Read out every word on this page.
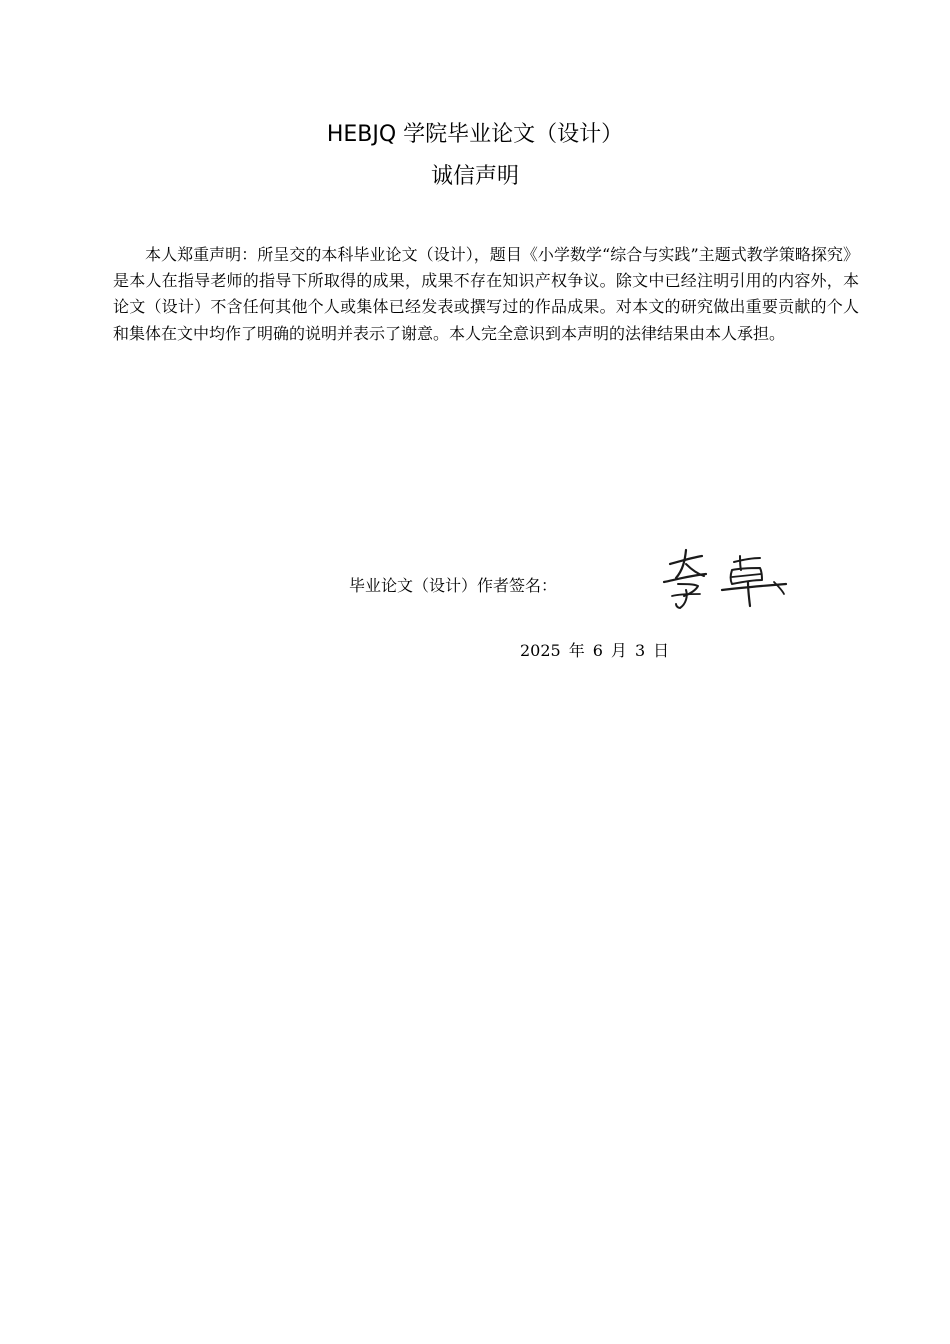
HEBJQ 学院毕业论文（设计）
诚信声明

本人郑重声明：所呈交的本科毕业论文（设计），题目《小学数学“综合与实践”主题式教学策略探究》是本人在指导老师的指导下所取得的成果，成果不存在知识产权争议。除文中已经注明引用的内容外，本论文（设计）不含任何其他个人或集体已经发表或撰写过的作品成果。对本文的研究做出重要贡献的个人和集体在文中均作了明确的说明并表示了谢意。本人完全意识到本声明的法律结果由本人承担。

毕业论文（设计）作者签名：
2025 年 6 月 3 日
